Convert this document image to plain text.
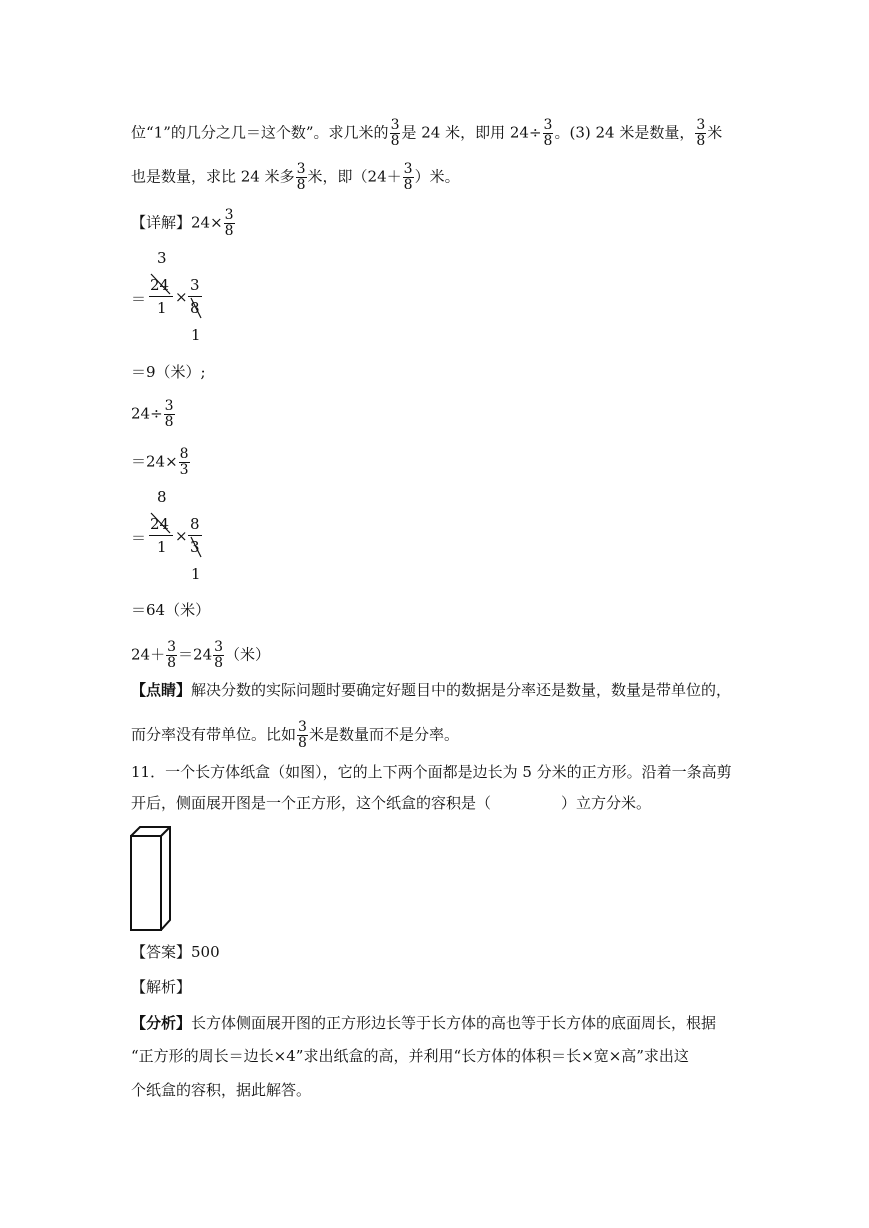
位“1”的几分之几＝这个数”。求几米的 $\frac{3}{8}$ 是 24 米，即用 $24\div \frac{3}{8}$ 。(3) 24 米是数量， $\frac{3}{8}$ 米
也是数量，求比 24 米多 $\frac{3}{8}$ 米，即（$24+ \frac{3}{8}$ ）米。
【详解】$24\times \frac{3}{8}$
3
＝
24
1
×
3
8
1
＝9（米）;
$24\div \frac{3}{8}$
$=24\times \frac{8}{3}$
8
＝
24
1
×
8
3
1
＝64（米）
$24+ \frac{3}{8} =24 \frac{3}{8}$ （米）
【点睛】解决分数的实际问题时要确定好题目中的数据是分率还是数量，数量是带单位的，
而分率没有带单位。比如 $\frac{3}{8}$ 米是数量而不是分率。
11．一个长方体纸盒（如图），它的上下两个面都是边长为 5 分米的正方形。沿着一条高剪
开后，侧面展开图是一个正方形，这个纸盒的容积是（	）立方分米。
【答案】500
【解析】
【分析】长方体侧面展开图的正方形边长等于长方体的高也等于长方体的底面周长，根据
“正方形的周长＝边长×4”求出纸盒的高，并利用“长方体的体积＝长×宽×高”求出这
个纸盒的容积，据此解答。
